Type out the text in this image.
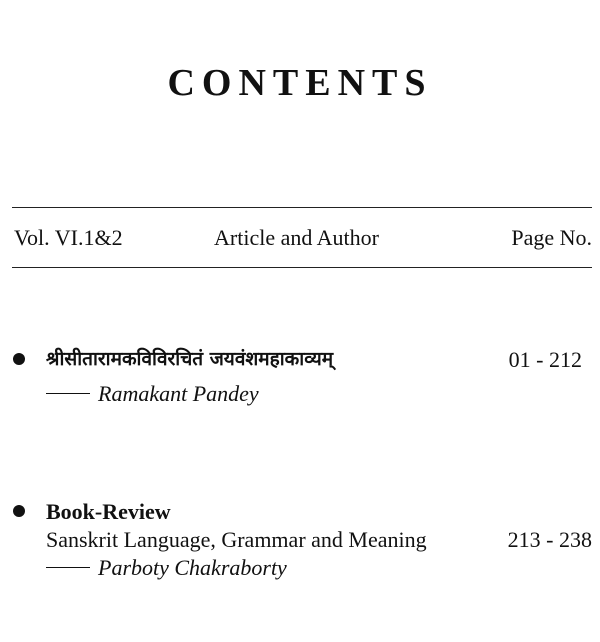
CONTENTS
Vol. VI.1&2	Article and Author	Page No.
श्रीसीतारामकविविरचितं जयवंशमहाकाव्यम्	01 - 212
Ramakant Pandey
Book-Review
Sanskrit Language, Grammar and Meaning	213 - 238
Parboty Chakraborty
